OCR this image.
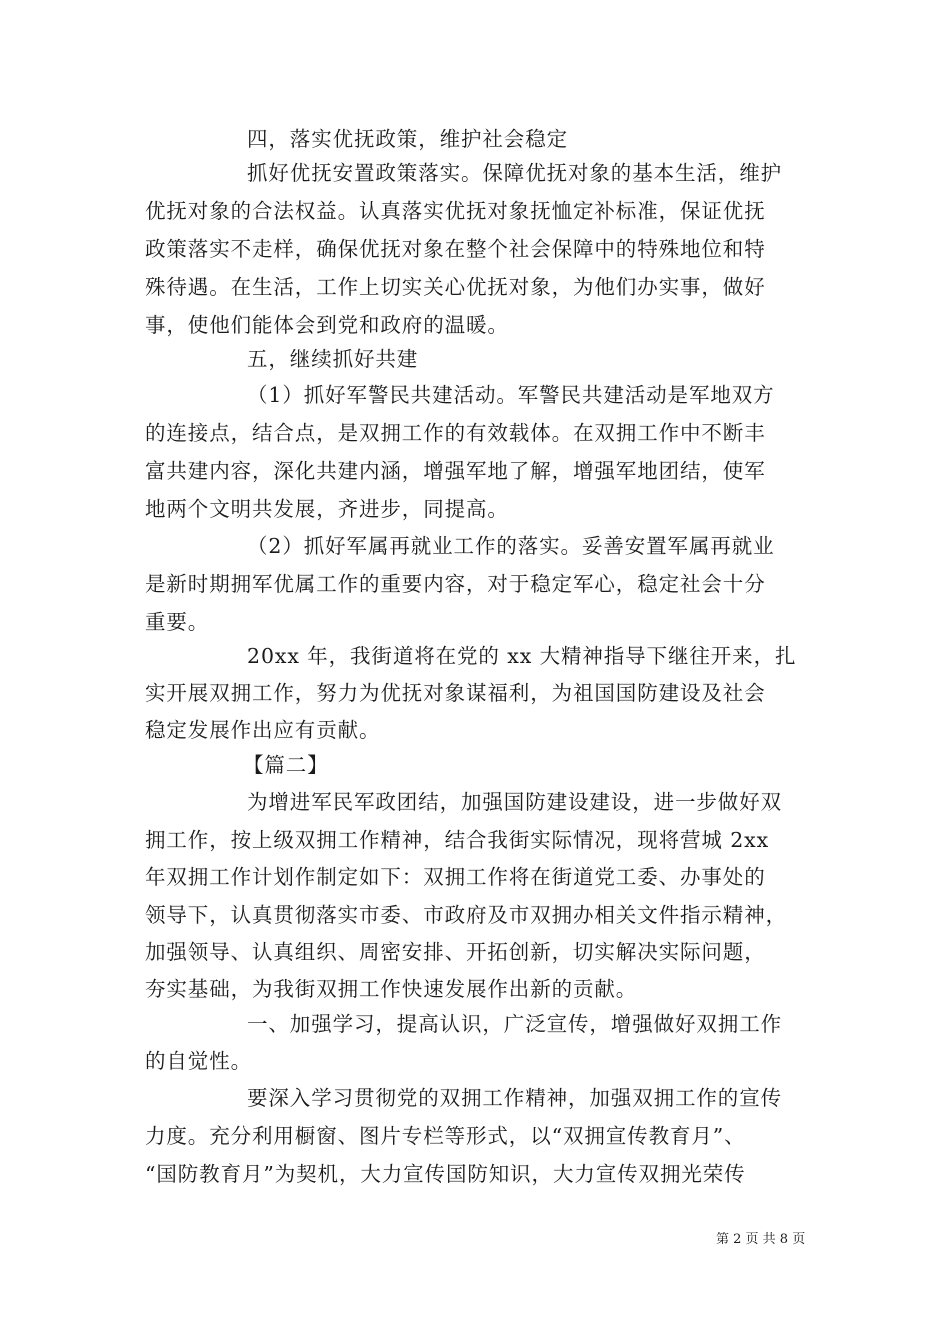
四，落实优抚政策，维护社会稳定
抓好优抚安置政策落实。保障优抚对象的基本生活，维护
优抚对象的合法权益。认真落实优抚对象抚恤定补标准，保证优抚
政策落实不走样，确保优抚对象在整个社会保障中的特殊地位和特
殊待遇。在生活，工作上切实关心优抚对象，为他们办实事，做好
事，使他们能体会到党和政府的温暖。
五，继续抓好共建
（1）抓好军警民共建活动。军警民共建活动是军地双方
的连接点，结合点，是双拥工作的有效载体。在双拥工作中不断丰
富共建内容，深化共建内涵，增强军地了解，增强军地团结，使军
地两个文明共发展，齐进步，同提高。
（2）抓好军属再就业工作的落实。妥善安置军属再就业
是新时期拥军优属工作的重要内容，对于稳定军心，稳定社会十分
重要。
20xx 年，我街道将在党的 xx 大精神指导下继往开来，扎
实开展双拥工作，努力为优抚对象谋福利，为祖国国防建设及社会
稳定发展作出应有贡献。
【篇二】
为增进军民军政团结，加强国防建设建设，进一步做好双
拥工作，按上级双拥工作精神，结合我街实际情况，现将营城 2xx
年双拥工作计划作制定如下：双拥工作将在街道党工委、办事处的
领导下，认真贯彻落实市委、市政府及市双拥办相关文件指示精神，
加强领导、认真组织、周密安排、开拓创新，切实解决实际问题，
夯实基础，为我街双拥工作快速发展作出新的贡献。
一、加强学习，提高认识，广泛宣传，增强做好双拥工作
的自觉性。
要深入学习贯彻党的双拥工作精神，加强双拥工作的宣传
力度。充分利用橱窗、图片专栏等形式，以“双拥宣传教育月”、
“国防教育月”为契机，大力宣传国防知识，大力宣传双拥光荣传
第 2 页 共 8 页
